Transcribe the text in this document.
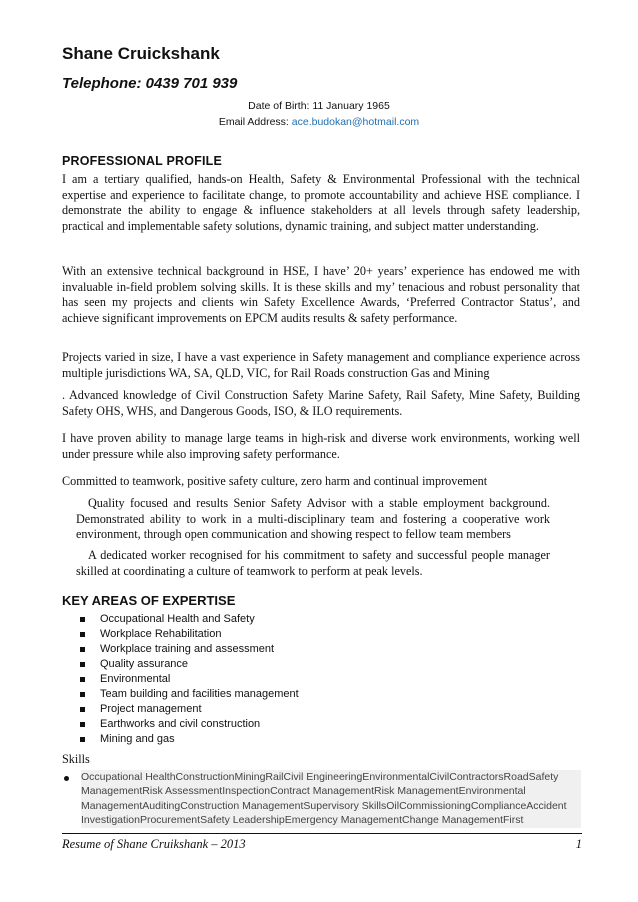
Shane Cruickshank
Telephone: 0439 701 939
Date of Birth: 11 January 1965
Email Address: ace.budokan@hotmail.com
PROFESSIONAL PROFILE
I am a tertiary qualified, hands-on Health, Safety & Environmental Professional with the technical expertise and experience to facilitate change, to promote accountability and achieve HSE compliance. I demonstrate the ability to engage & influence stakeholders at all levels through safety leadership, practical and implementable safety solutions, dynamic training, and subject matter understanding.
With an extensive technical background in HSE, I have’ 20+ years’ experience has endowed me with invaluable in-field problem solving skills. It is these skills and my’ tenacious and robust personality that has seen my projects and clients win Safety Excellence Awards, ‘Preferred Contractor Status’, and achieve significant improvements on EPCM audits results & safety performance.
Projects varied in size, I have a vast experience in Safety management and compliance experience across multiple jurisdictions WA, SA, QLD, VIC, for Rail Roads construction Gas and Mining
. Advanced knowledge of Civil Construction Safety Marine Safety, Rail Safety, Mine Safety, Building Safety OHS, WHS, and Dangerous Goods, ISO, & ILO requirements.
I have proven ability to manage large teams in high-risk and diverse work environments, working well under pressure while also improving safety performance.
Committed to teamwork, positive safety culture, zero harm and continual improvement
Quality focused and results Senior Safety Advisor with a stable employment background. Demonstrated ability to work in a multi-disciplinary team and fostering a cooperative work environment, through open communication and showing respect to fellow team members
A dedicated worker recognised for his commitment to safety and successful people manager skilled at coordinating a culture of teamwork to perform at peak levels.
KEY AREAS OF EXPERTISE
Occupational Health and Safety
Workplace Rehabilitation
Workplace training and assessment
Quality assurance
Environmental
Team building and facilities management
Project management
Earthworks and civil construction
Mining and gas
Skills
Occupational HealthConstructionMiningRailCivil EngineeringEnvironmentalCivilContractorsRoadSafety ManagementRisk AssessmentInspectionContract ManagementRisk ManagementEnvironmental ManagementAuditingConstruction ManagementSupervisory SkillsOilCommissioningComplianceAccident InvestigationProcurementSafety LeadershipEmergency ManagementChange ManagementFirst
Resume of Shane Cruikshank – 2013	1
